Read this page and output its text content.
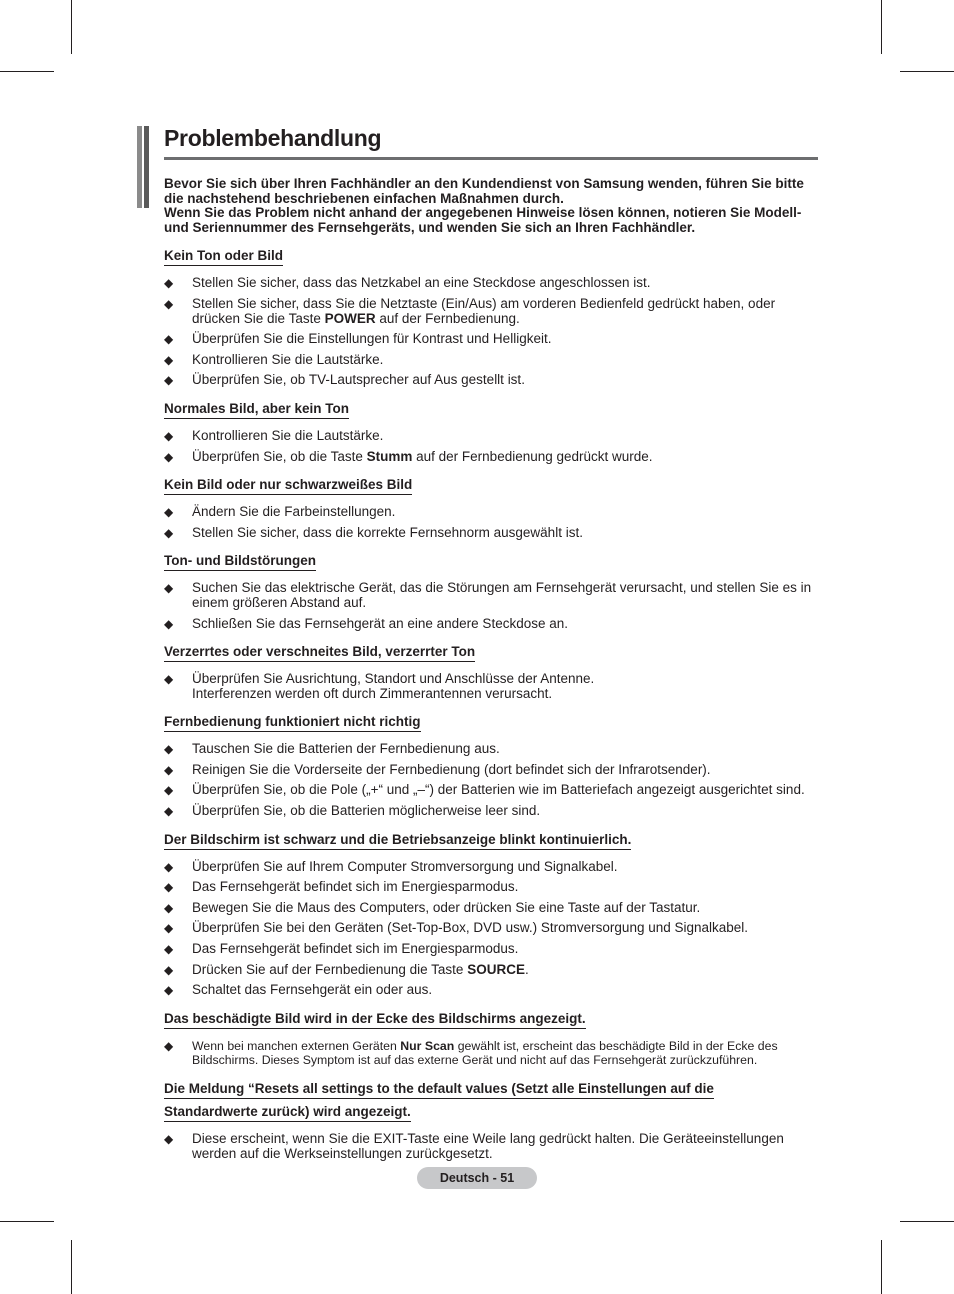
Problembehandlung

Bevor Sie sich über Ihren Fachhändler an den Kundendienst von Samsung wenden, führen Sie bitte die nachstehend beschriebenen einfachen Maßnahmen durch.

Wenn Sie das Problem nicht anhand der angegebenen Hinweise lösen können, notieren Sie Modell- und Seriennummer des Fernsehgeräts, und wenden Sie sich an Ihren Fachhändler.

Kein Ton oder Bild
◆ Stellen Sie sicher, dass das Netzkabel an eine Steckdose angeschlossen ist.
◆ Stellen Sie sicher, dass Sie die Netztaste (Ein/Aus) am vorderen Bedienfeld gedrückt haben, oder drücken Sie die Taste POWER auf der Fernbedienung.
◆ Überprüfen Sie die Einstellungen für Kontrast und Helligkeit.
◆ Kontrollieren Sie die Lautstärke.
◆ Überprüfen Sie, ob TV-Lautsprecher auf Aus gestellt ist.
Normales Bild, aber kein Ton
◆ Kontrollieren Sie die Lautstärke.
◆ Überprüfen Sie, ob die Taste Stumm auf der Fernbedienung gedrückt wurde.
Kein Bild oder nur schwarzweißes Bild
◆ Ändern Sie die Farbeinstellungen.
◆ Stellen Sie sicher, dass die korrekte Fernsehnorm ausgewählt ist.
Ton- und Bildstörungen
◆ Suchen Sie das elektrische Gerät, das die Störungen am Fernsehgerät verursacht, und stellen Sie es in einem größeren Abstand auf.
◆ Schließen Sie das Fernsehgerät an eine andere Steckdose an.
Verzerrtes oder verschneites Bild, verzerrter Ton
◆ Überprüfen Sie Ausrichtung, Standort und Anschlüsse der Antenne.
Interferenzen werden oft durch Zimmerantennen verursacht.
Fernbedienung funktioniert nicht richtig
◆ Tauschen Sie die Batterien der Fernbedienung aus.
◆ Reinigen Sie die Vorderseite der Fernbedienung (dort befindet sich der Infrarotsender).
◆ Überprüfen Sie, ob die Pole („+“ und „–“) der Batterien wie im Batteriefach angezeigt ausgerichtet sind.
◆ Überprüfen Sie, ob die Batterien möglicherweise leer sind.
Der Bildschirm ist schwarz und die Betriebsanzeige blinkt kontinuierlich.
◆ Überprüfen Sie auf Ihrem Computer Stromversorgung und Signalkabel.
◆ Das Fernsehgerät befindet sich im Energiesparmodus.
◆ Bewegen Sie die Maus des Computers, oder drücken Sie eine Taste auf der Tastatur.
◆ Überprüfen Sie bei den Geräten (Set-Top-Box, DVD usw.) Stromversorgung und Signalkabel.
◆ Das Fernsehgerät befindet sich im Energiesparmodus.
◆ Drücken Sie auf der Fernbedienung die Taste SOURCE.
◆ Schaltet das Fernsehgerät ein oder aus.
Das beschädigte Bild wird in der Ecke des Bildschirms angezeigt.
◆ Wenn bei manchen externen Geräten Nur Scan gewählt ist, erscheint das beschädigte Bild in der Ecke des Bildschirms. Dieses Symptom ist auf das externe Gerät und nicht auf das Fernsehgerät zurückzuführen.
Die Meldung “Resets all settings to the default values (Setzt alle Einstellungen auf die
Standardwerte zurück) wird angezeigt.
◆ Diese erscheint, wenn Sie die EXIT-Taste eine Weile lang gedrückt halten. Die Geräteeinstellungen werden auf die Werkseinstellungen zurückgesetzt.
Deutsch - 51
